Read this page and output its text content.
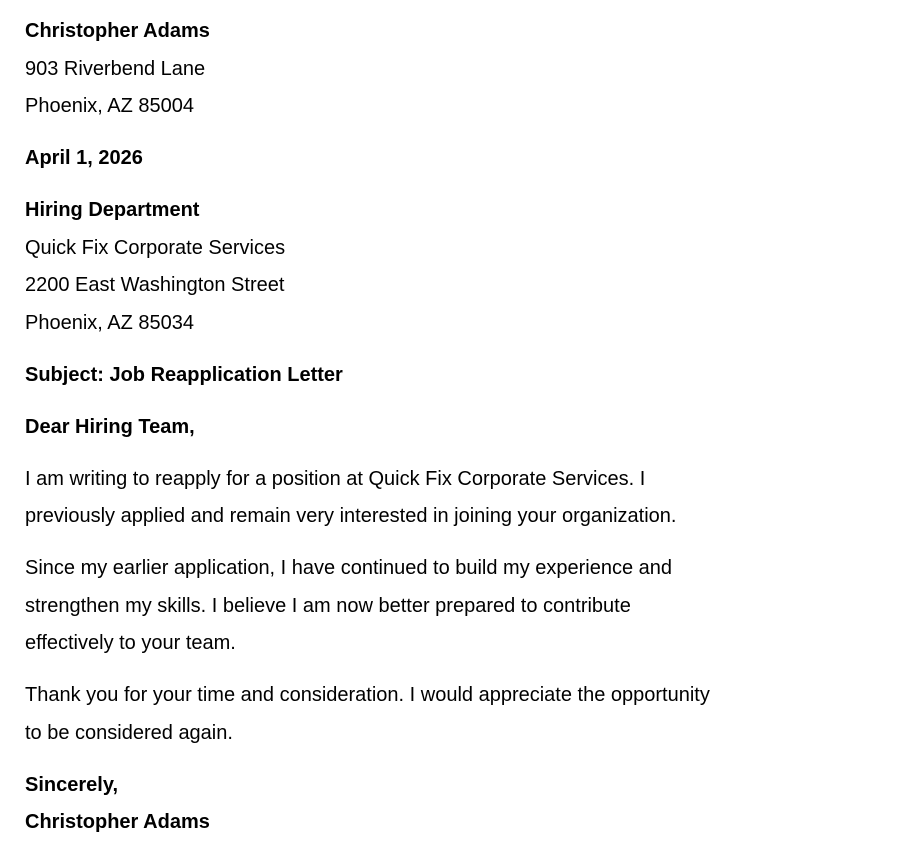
Christopher Adams
903 Riverbend Lane
Phoenix, AZ 85004
April 1, 2026
Hiring Department
Quick Fix Corporate Services
2200 East Washington Street
Phoenix, AZ 85034
Subject: Job Reapplication Letter
Dear Hiring Team,
I am writing to reapply for a position at Quick Fix Corporate Services. I
previously applied and remain very interested in joining your organization.
Since my earlier application, I have continued to build my experience and
strengthen my skills. I believe I am now better prepared to contribute
effectively to your team.
Thank you for your time and consideration. I would appreciate the opportunity
to be considered again.
Sincerely,
Christopher Adams
